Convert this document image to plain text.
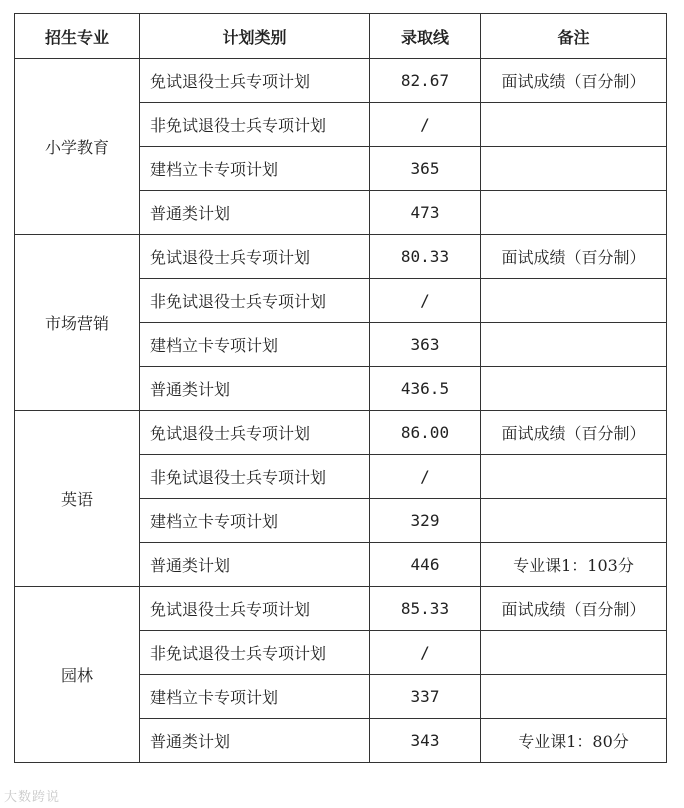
招生专业	计划类别	录取线	备注
小学教育	免试退役士兵专项计划	82.67	面试成绩（百分制）
	非免试退役士兵专项计划	/	
	建档立卡专项计划	365	
	普通类计划	473	
市场营销	免试退役士兵专项计划	80.33	面试成绩（百分制）
	非免试退役士兵专项计划	/	
	建档立卡专项计划	363	
	普通类计划	436.5	
英语	免试退役士兵专项计划	86.00	面试成绩（百分制）
	非免试退役士兵专项计划	/	
	建档立卡专项计划	329	
	普通类计划	446	专业课1：103分
园林	免试退役士兵专项计划	85.33	面试成绩（百分制）
	非免试退役士兵专项计划	/	
	建档立卡专项计划	337	
	普通类计划	343	专业课1：80分
大数跨说
